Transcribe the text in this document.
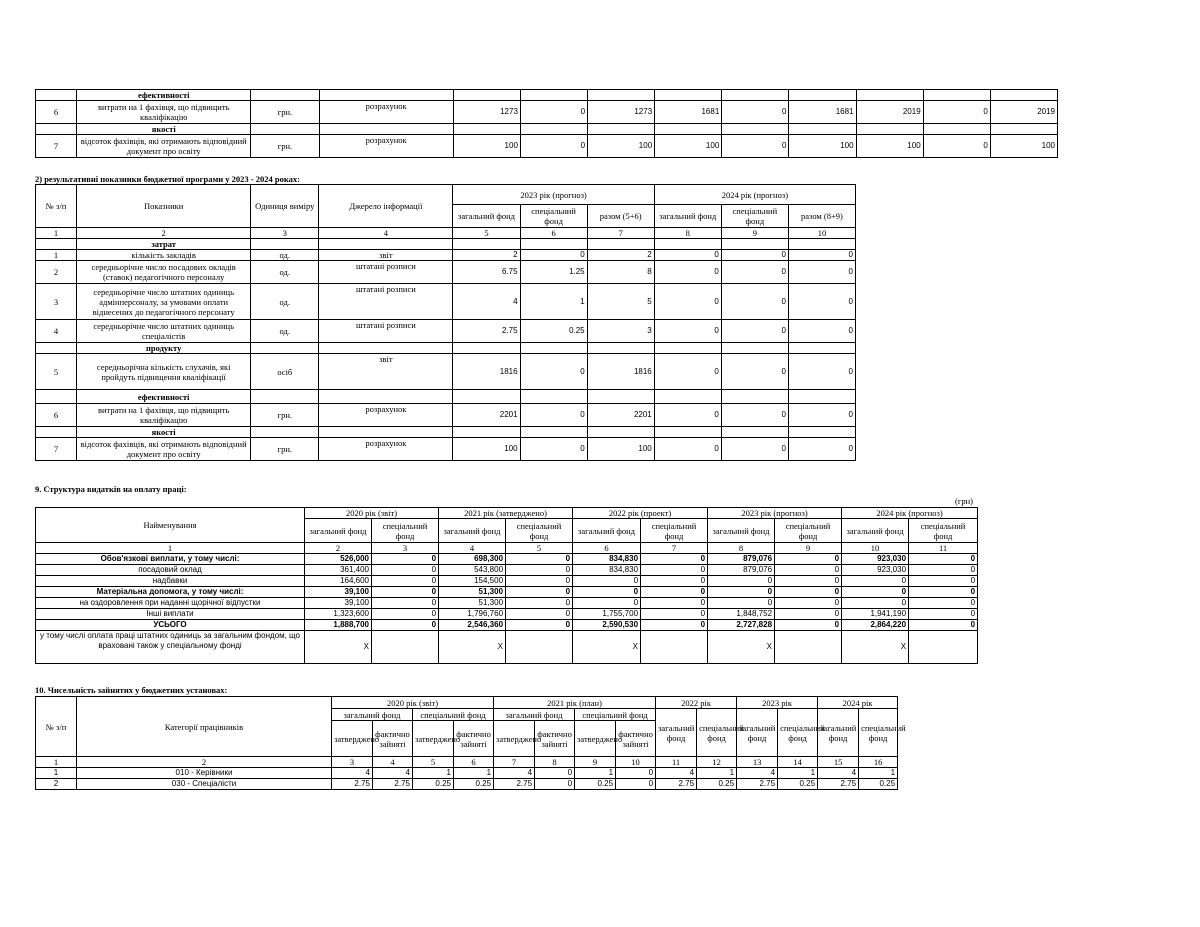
	ефективності											
6	витрати на 1 фахівця, що підвищить кваліфікацію	грн.	розрахунок	1273	0	1273	1681	0	1681	2019	0	2019
	якості											
7	відсоток фахівців, які отримають відповідний документ про освіту	грн.	розрахунок	100	0	100	100	0	100	100	0	100
2) результативні показники бюджетної програми у 2023 - 2024 роках:
№ з/п	Показники	Одиниця виміру	Джерело інформації	2023 рік (прогноз)			2024 рік (прогноз)		
				загальний фонд	спеціальний фонд	разом (5+6)	загальний фонд	спеціальний фонд	разом (8+9)
1	2	3	4	5	6	7	8	9	10
	затрат								
1	кількість закладів	од.	звіт	2	0	2	0	0	0
2	середньорічне число посадових окладів (ставок) педагогічного персоналу	од.	штатані розписи	6.75	1.25	8	0	0	0
3	середньорічне число штатних одиниць адмінперсоналу, за умовами оплати віднесених до педагогічного персонату	од.	штатані розписи	4	1	5	0	0	0
4	середньорічне число штатних одиниць спеціалістів	од.	штатані розписи	2.75	0.25	3	0	0	0
	продукту								
5	середньорічна кількість слухачів, які пройдуть підвищення кваліфікації	осіб	звіт	1816	0	1816	0	0	0
	ефективності								
6	витрати на 1 фахівця, що підвищить кваліфікацію	грн.	розрахунок	2201	0	2201	0	0	0
	якості								
7	відсоток фахівців, які отримають відповідний документ про освіту	грн.	розрахунок	100	0	100	0	0	0
9. Структура видатків на оплату праці:
(грн)
Найменування	2020 рік (звіт)		2021 рік (затверджено)		2022 рік (проект)		2023 рік (прогноз)		2024 рік (прогноз)	
	загальний фонд	спеціальний фонд	загальний фонд	спеціальний фонд	загальний фонд	спеціальний фонд	загальний фонд	спеціальний фонд	загальний фонд	спеціальний фонд
1	2	3	4	5	6	7	8	9	10	11
Обов'язкові виплати, у тому числі:	526,000	0	698,300	0	834,830	0	879,076	0	923,030	0
посадовий оклад	361,400	0	543,800	0	834,830	0	879,076	0	923,030	0
надбавки	164,600	0	154,500	0	0	0	0	0	0	0
Матеріальна допомога, у тому числі:	39,100	0	51,300	0	0	0	0	0	0	0
на оздоровлення при наданні щорічної відпустки	39,100	0	51,300	0	0	0	0	0	0	0
Інші виплати	1,323,600	0	1,796,760	0	1,755,700	0	1,848,752	0	1,941,190	0
УСЬОГО	1,888,700	0	2,546,360	0	2,590,530	0	2,727,828	0	2,864,220	0
у тому числі оплата праці штатних одиниць за загальним фондом, що враховані також у спеціальному фонді	X		X		X		X		X	
10. Чисельність зайнятих у бюджетних установах:
№ з/п	Категорії працівників	2020 рік (звіт)				2021 рік (план)				2022 рік		2023 рік		2024 рік	
		загальний фонд		спеціальний фонд		загальний фонд		спеціальний фонд		загальний фонд	спеціальний фонд	загальний фонд	спеціальний фонд	загальний фонд	спеціальний фонд
		затверджено	фактично зайняті	затверджено	фактично зайняті	затверджено	фактично зайняті	затверджено	фактично зайняті						
1	2	3	4	5	6	7	8	9	10	11	12	13	14	15	16
1	010 - Керівники	4	4	1	1	4	0	1	0	4	1	4	1	4	1
2	030 - Спеціалісти	2.75	2.75	0.25	0.25	2.75	0	0.25	0	2.75	0.25	2.75	0.25	2.75	0.25
